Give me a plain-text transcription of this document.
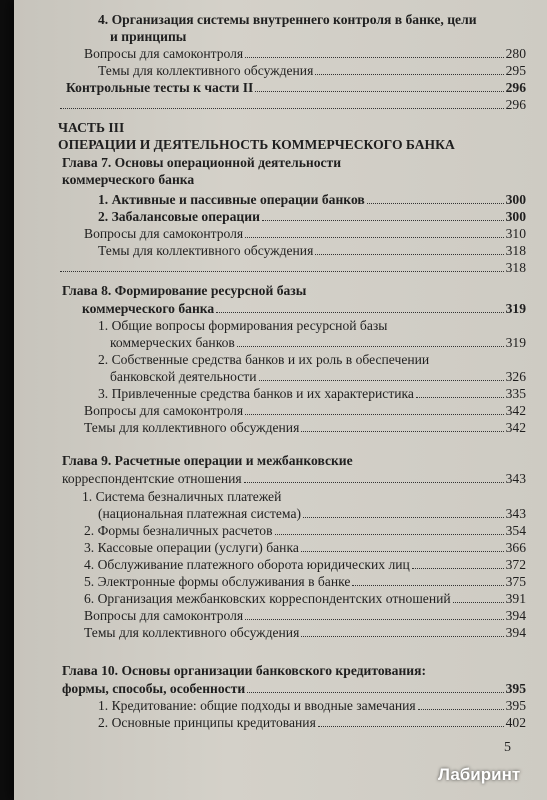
4. Организация системы внутреннего контроля в банке, цели
и принципы
Вопросы для самоконтроля	280
Темы для коллективного обсуждения	295
Контрольные тесты к части II	296
296
ЧАСТЬ III
ОПЕРАЦИИ И ДЕЯТЕЛЬНОСТЬ КОММЕРЧЕСКОГО БАНКА
Глава 7. Основы операционной деятельности
коммерческого банка
1. Активные и пассивные операции банков	300
2. Забалансовые операции	300
Вопросы для самоконтроля	310
Темы для коллективного обсуждения	318
318
Глава 8. Формирование ресурсной базы
коммерческого банка	319
1. Общие вопросы формирования ресурсной базы
коммерческих банков	319
2. Собственные средства банков и их роль в обеспечении
банковской деятельности	326
3. Привлеченные средства банков и их характеристика	335
Вопросы для самоконтроля	342
Темы для коллективного обсуждения	342
Глава 9. Расчетные операции и межбанковские
корреспондентские отношения	343
1. Система безналичных платежей
(национальная платежная система)	343
2. Формы безналичных расчетов	354
3. Кассовые операции (услуги) банка	366
4. Обслуживание платежного оборота юридических лиц	372
5. Электронные формы обслуживания в банке	375
6. Организация межбанковских корреспондентских отношений	391
Вопросы для самоконтроля	394
Темы для коллективного обсуждения	394
Глава 10. Основы организации банковского кредитования:
формы, способы, особенности	395
1. Кредитование: общие подходы и вводные замечания	395
2. Основные принципы кредитования	402
5
Лабиринт
